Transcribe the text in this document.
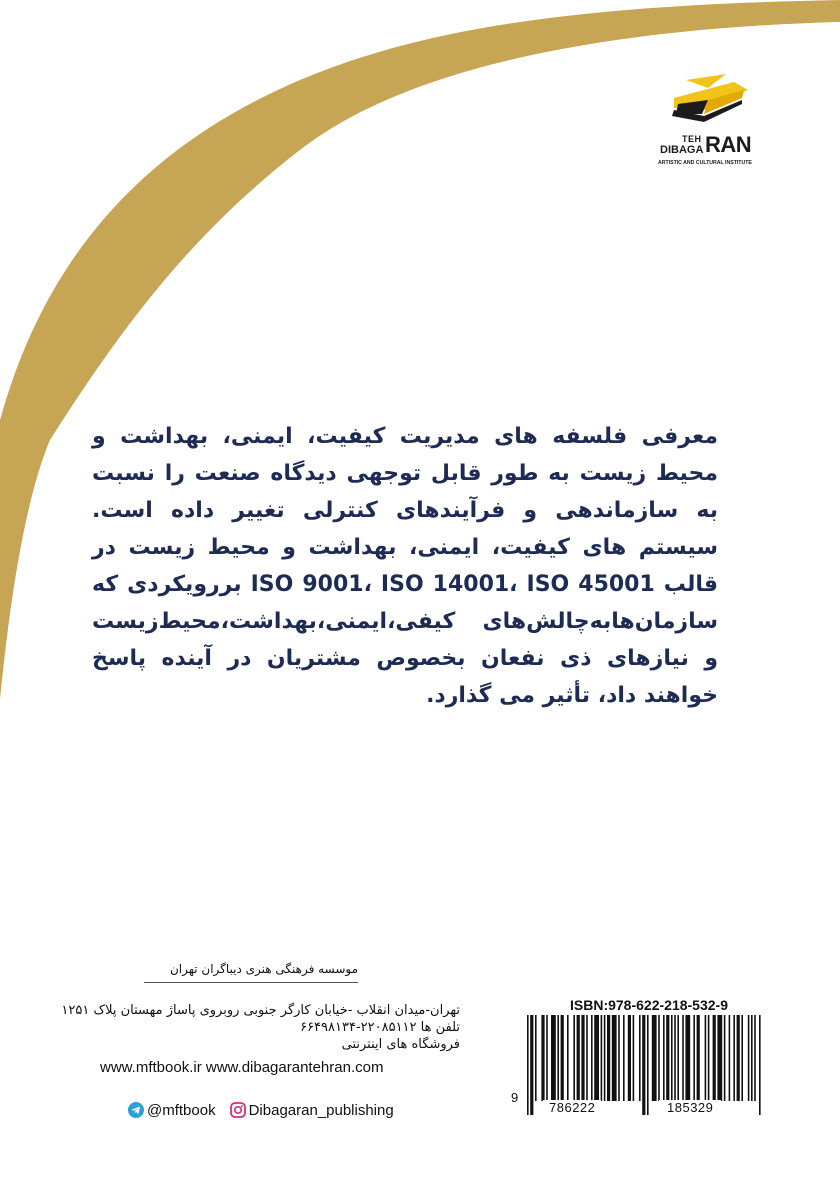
TEH
DIBAGA RAN
ARTISTIC AND CULTURAL INSTITUTE
معرفی فلسفه های مدیریت کیفیت، ایمنی، بهداشت و محیط زیست به طور قابل توجهی دیدگاه صنعت را نسبت به سازماندهی و فرآیندهای کنترلی تغییر داده است. سیستم های کیفیت، ایمنی، بهداشت و محیط زیست در قالب ISO 9001، ISO 14001، ISO 45001 بررویکردی که سازمان‌هابه‌چالش‌های کیفی،ایمنی،بهداشت،محیط‌زیست و نیازهای ذی نفعان بخصوص مشتریان در آینده پاسخ خواهند داد، تأثیر می گذارد.
موسسه فرهنگی هنری دیباگران تهران
تهران-میدان انقلاب -خیابان کارگر جنوبی روبروی پاساژ مهستان پلاک ۱۲۵۱
تلفن ها ۲۲۰۸۵۱۱۲-۶۶۴۹۸۱۳۴
فروشگاه های اینترنتی
www.mftbook.ir www.dibagarantehran.com
@mftbook Dibagaran_publishing
ISBN:978-622-218-532-9
9
786222	185329
